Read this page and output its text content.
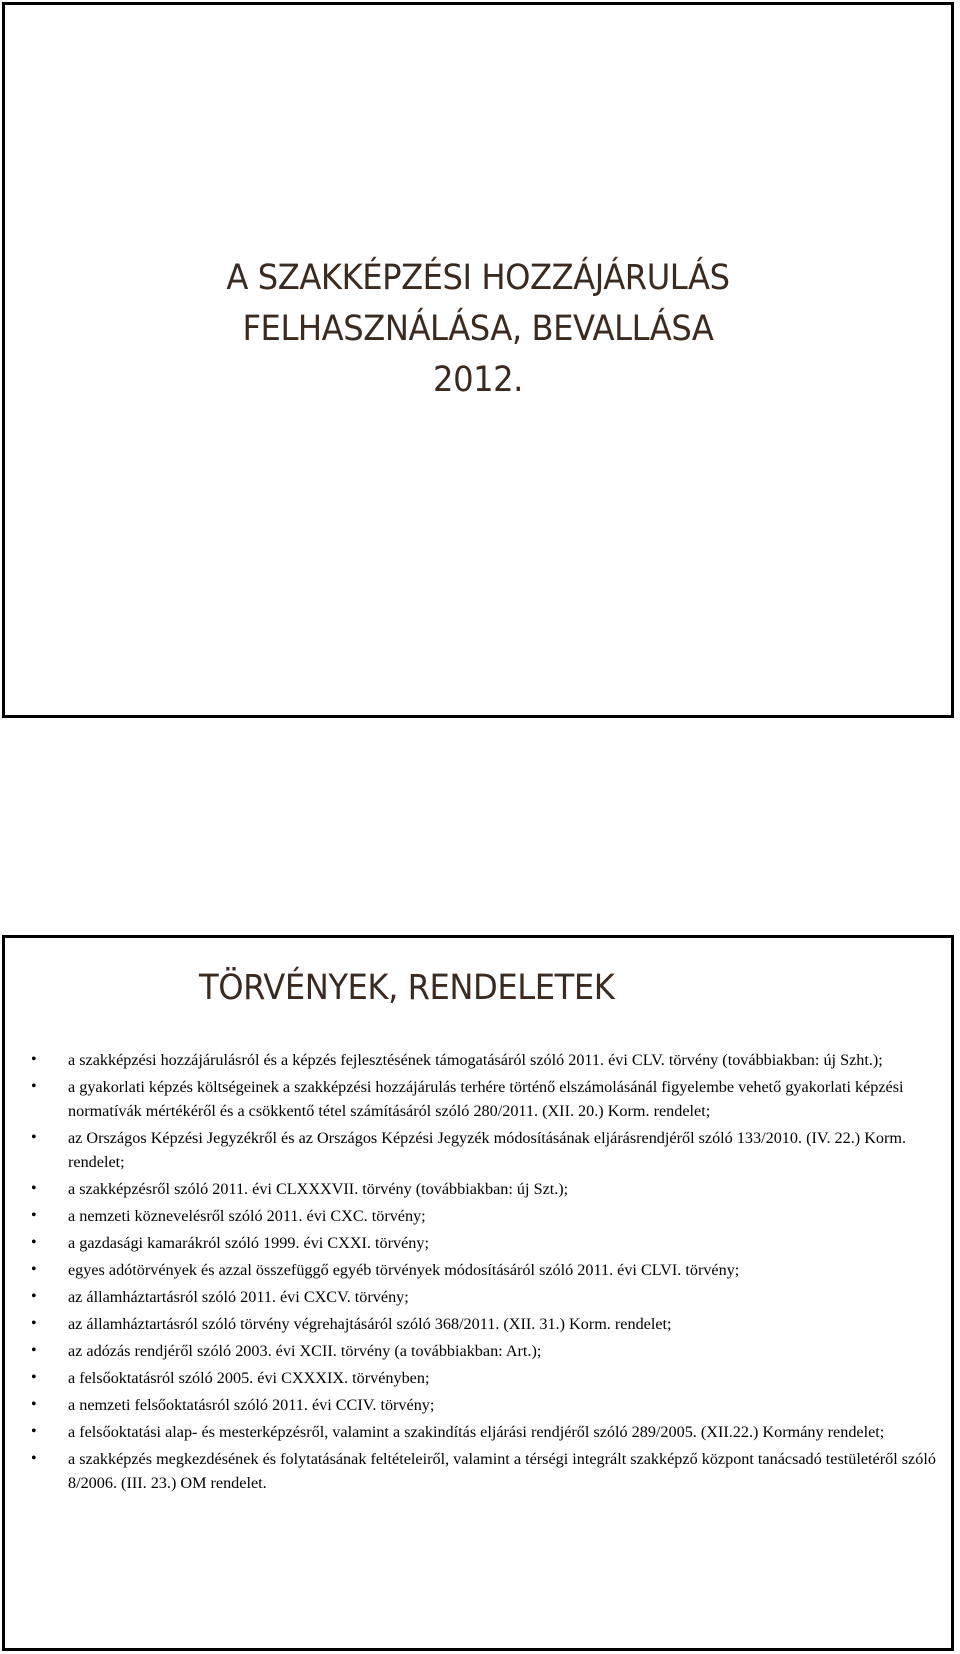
A SZAKKÉPZÉSI HOZZÁJÁRULÁS
FELHASZNÁLÁSA, BEVALLÁSA
2012.
TÖRVÉNYEK, RENDELETEK
• a szakképzési hozzájárulásról és a képzés fejlesztésének támogatásáról szóló 2011. évi CLV. törvény (továbbiakban: új Szht.);
• a gyakorlati képzés költségeinek a szakképzési hozzájárulás terhére történő elszámolásánál figyelembe vehető gyakorlati képzési normatívák mértékéről és a csökkentő tétel számításáról szóló 280/2011. (XII. 20.) Korm. rendelet;
• az Országos Képzési Jegyzékről és az Országos Képzési Jegyzék módosításának eljárásrendjéről szóló 133/2010. (IV. 22.) Korm. rendelet;
• a szakképzésről szóló 2011. évi CLXXXVII. törvény (továbbiakban: új Szt.);
• a nemzeti köznevelésről szóló 2011. évi CXC. törvény;
• a gazdasági kamarákról szóló 1999. évi CXXI. törvény;
• egyes adótörvények és azzal összefüggő egyéb törvények módosításáról szóló 2011. évi CLVI. törvény;
• az államháztartásról szóló 2011. évi CXCV. törvény;
• az államháztartásról szóló törvény végrehajtásáról szóló 368/2011. (XII. 31.) Korm. rendelet;
• az adózás rendjéről szóló 2003. évi XCII. törvény (a továbbiakban: Art.);
• a felsőoktatásról szóló 2005. évi CXXXIX. törvényben;
• a nemzeti felsőoktatásról szóló 2011. évi CCIV. törvény;
• a felsőoktatási alap- és mesterképzésről, valamint a szakindítás eljárási rendjéről szóló 289/2005. (XII.22.) Kormány rendelet;
• a szakképzés megkezdésének és folytatásának feltételeiről, valamint a térségi integrált szakképző központ tanácsadó testületéről szóló 8/2006. (III. 23.) OM rendelet.
